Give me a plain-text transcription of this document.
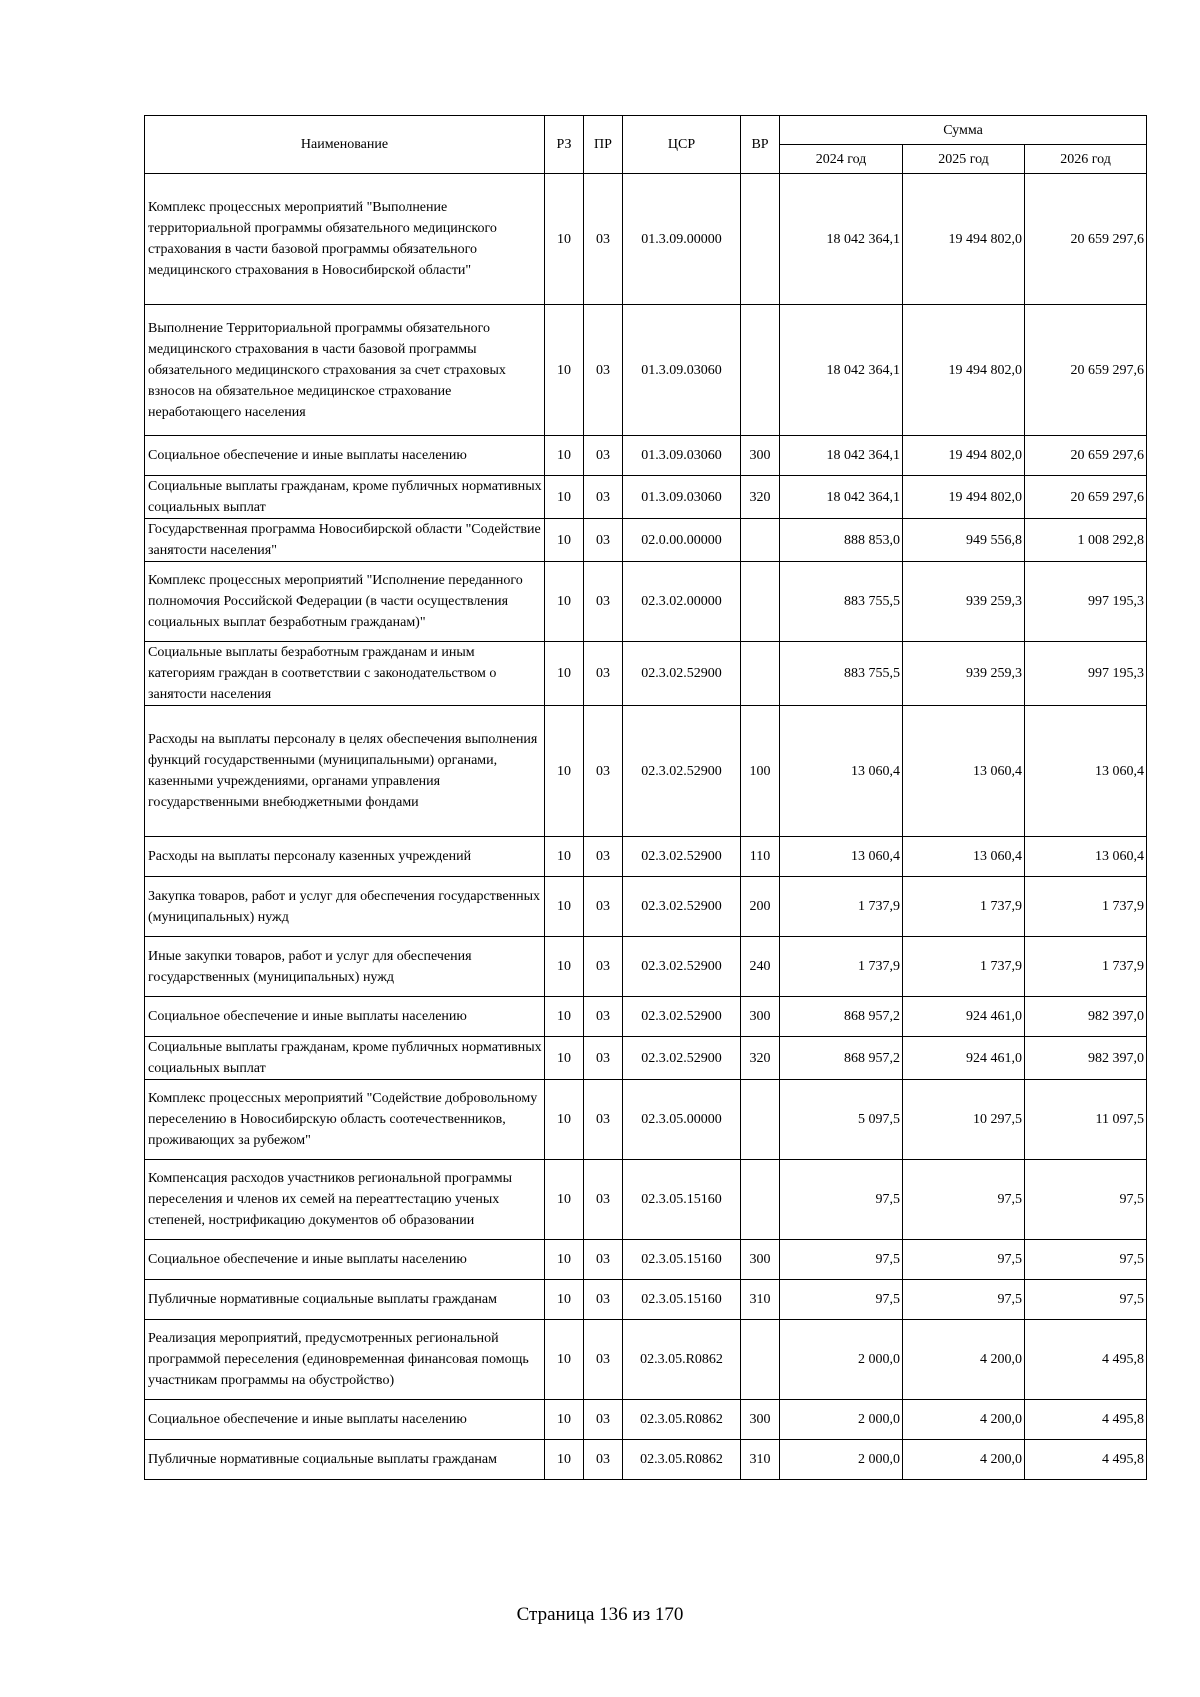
Наименование	РЗ	ПР	ЦСР	ВР	Сумма		
					2024 год	2025 год	2026 год
Комплекс процессных мероприятий "Выполнение территориальной программы обязательного медицинского страхования в части базовой программы обязательного медицинского страхования в Новосибирской области"	10	03	01.3.09.00000		18 042 364,1	19 494 802,0	20 659 297,6
Выполнение Территориальной программы обязательного медицинского страхования в части базовой программы обязательного медицинского страхования за счет страховых взносов на обязательное медицинское страхование неработающего населения	10	03	01.3.09.03060		18 042 364,1	19 494 802,0	20 659 297,6
Социальное обеспечение и иные выплаты населению	10	03	01.3.09.03060	300	18 042 364,1	19 494 802,0	20 659 297,6
Социальные выплаты гражданам, кроме публичных нормативных социальных выплат	10	03	01.3.09.03060	320	18 042 364,1	19 494 802,0	20 659 297,6
Государственная программа Новосибирской области "Содействие занятости населения"	10	03	02.0.00.00000		888 853,0	949 556,8	1 008 292,8
Комплекс процессных мероприятий "Исполнение переданного полномочия Российской Федерации (в части осуществления социальных выплат безработным гражданам)"	10	03	02.3.02.00000		883 755,5	939 259,3	997 195,3
Социальные выплаты безработным гражданам и иным категориям граждан в соответствии с законодательством о занятости населения	10	03	02.3.02.52900		883 755,5	939 259,3	997 195,3
Расходы на выплаты персоналу в целях обеспечения выполнения функций государственными (муниципальными) органами, казенными учреждениями, органами управления государственными внебюджетными фондами	10	03	02.3.02.52900	100	13 060,4	13 060,4	13 060,4
Расходы на выплаты персоналу казенных учреждений	10	03	02.3.02.52900	110	13 060,4	13 060,4	13 060,4
Закупка товаров, работ и услуг для обеспечения государственных (муниципальных) нужд	10	03	02.3.02.52900	200	1 737,9	1 737,9	1 737,9
Иные закупки товаров, работ и услуг для обеспечения государственных (муниципальных) нужд	10	03	02.3.02.52900	240	1 737,9	1 737,9	1 737,9
Социальное обеспечение и иные выплаты населению	10	03	02.3.02.52900	300	868 957,2	924 461,0	982 397,0
Социальные выплаты гражданам, кроме публичных нормативных социальных выплат	10	03	02.3.02.52900	320	868 957,2	924 461,0	982 397,0
Комплекс процессных мероприятий "Содействие добровольному переселению в Новосибирскую область соотечественников, проживающих за рубежом"	10	03	02.3.05.00000		5 097,5	10 297,5	11 097,5
Компенсация расходов участников региональной программы переселения и членов их семей на переаттестацию ученых степеней, нострификацию документов об образовании	10	03	02.3.05.15160		97,5	97,5	97,5
Социальное обеспечение и иные выплаты населению	10	03	02.3.05.15160	300	97,5	97,5	97,5
Публичные нормативные социальные выплаты гражданам	10	03	02.3.05.15160	310	97,5	97,5	97,5
Реализация мероприятий, предусмотренных региональной программой переселения (единовременная финансовая помощь участникам программы на обустройство)	10	03	02.3.05.R0862		2 000,0	4 200,0	4 495,8
Социальное обеспечение и иные выплаты населению	10	03	02.3.05.R0862	300	2 000,0	4 200,0	4 495,8
Публичные нормативные социальные выплаты гражданам	10	03	02.3.05.R0862	310	2 000,0	4 200,0	4 495,8
Страница 136 из 170
